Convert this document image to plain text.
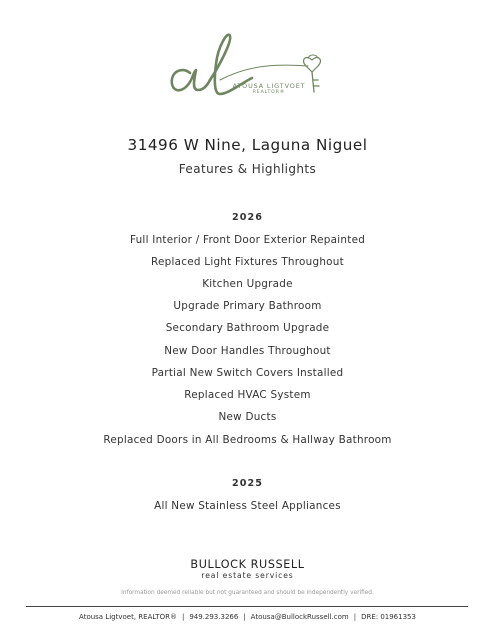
ATOUSA LIGTVOET
REALTOR®
31496 W Nine, Laguna Niguel
Features & Highlights
2026
Full Interior / Front Door Exterior Repainted
Replaced Light Fixtures Throughout
Kitchen Upgrade
Upgrade Primary Bathroom
Secondary Bathroom Upgrade
New Door Handles Throughout
Partial New Switch Covers Installed
Replaced HVAC System
New Ducts
Replaced Doors in All Bedrooms & Hallway Bathroom
2025
All New Stainless Steel Appliances
BULLOCK RUSSELL
real estate services
Information deemed reliable but not guaranteed and should be independently verified.
Atousa Ligtvoet, REALTOR® | 949.293.3266 | Atousa@BullockRussell.com | DRE: 01961353
